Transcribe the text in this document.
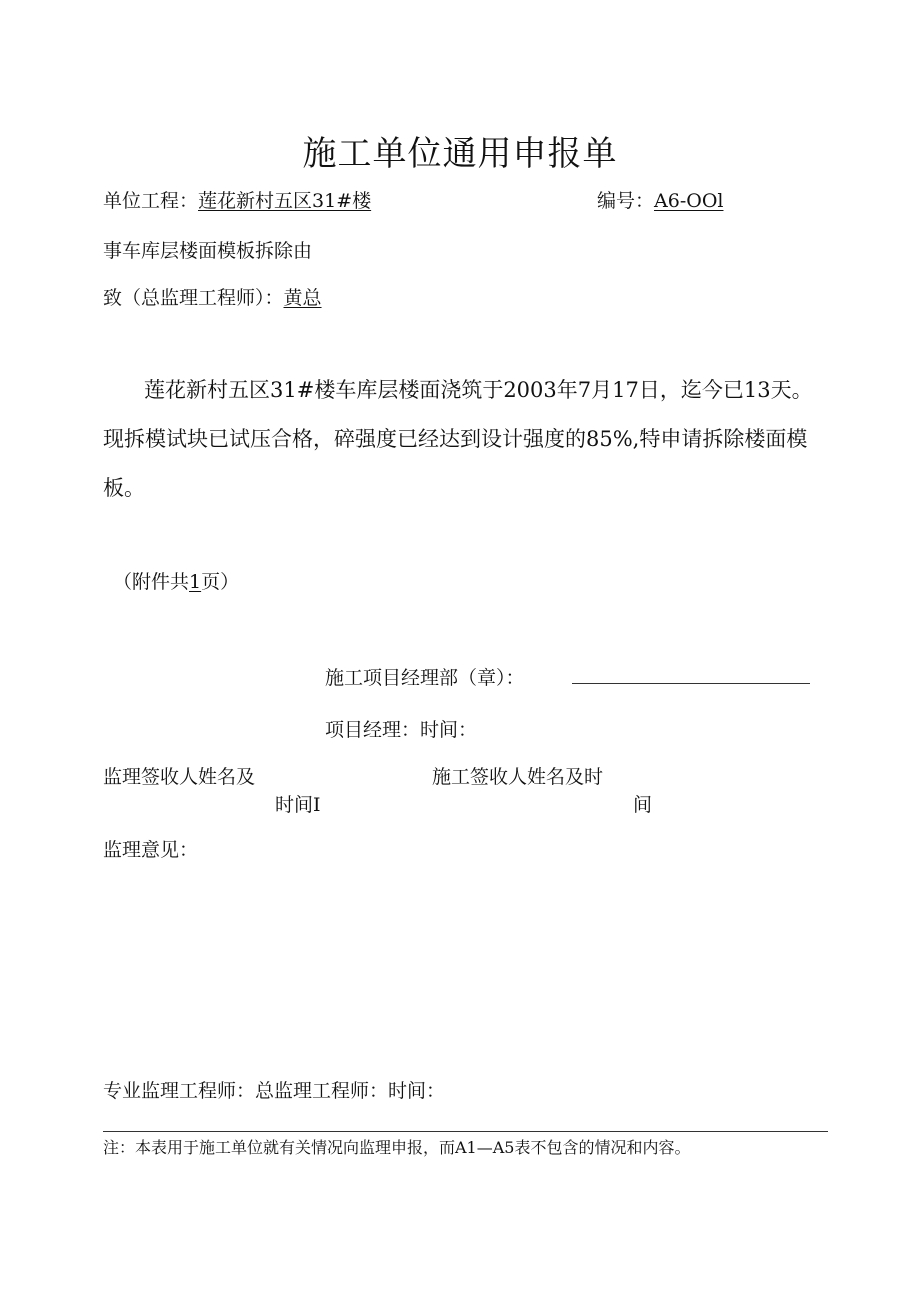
施工单位通用申报单
单位工程：莲花新村五区31#楼	编号：A6-OOl
事车库层楼面模板拆除由
致（总监理工程师）：黄总
莲花新村五区31#楼车库层楼面浇筑于2003年7月17日，迄今已13天。
现拆模试块已试压合格，碎强度已经达到设计强度的85%,特申请拆除楼面模
板。
（附件共1页）
施工项目经理部（章）：
项目经理：时间：
监理签收人姓名及
时间I
施工签收人姓名及时
间
监理意见：
专业监理工程师：总监理工程师：时间：
注：本表用于施工单位就有关情况向监理申报，而A1—A5表不包含的情况和内容。
